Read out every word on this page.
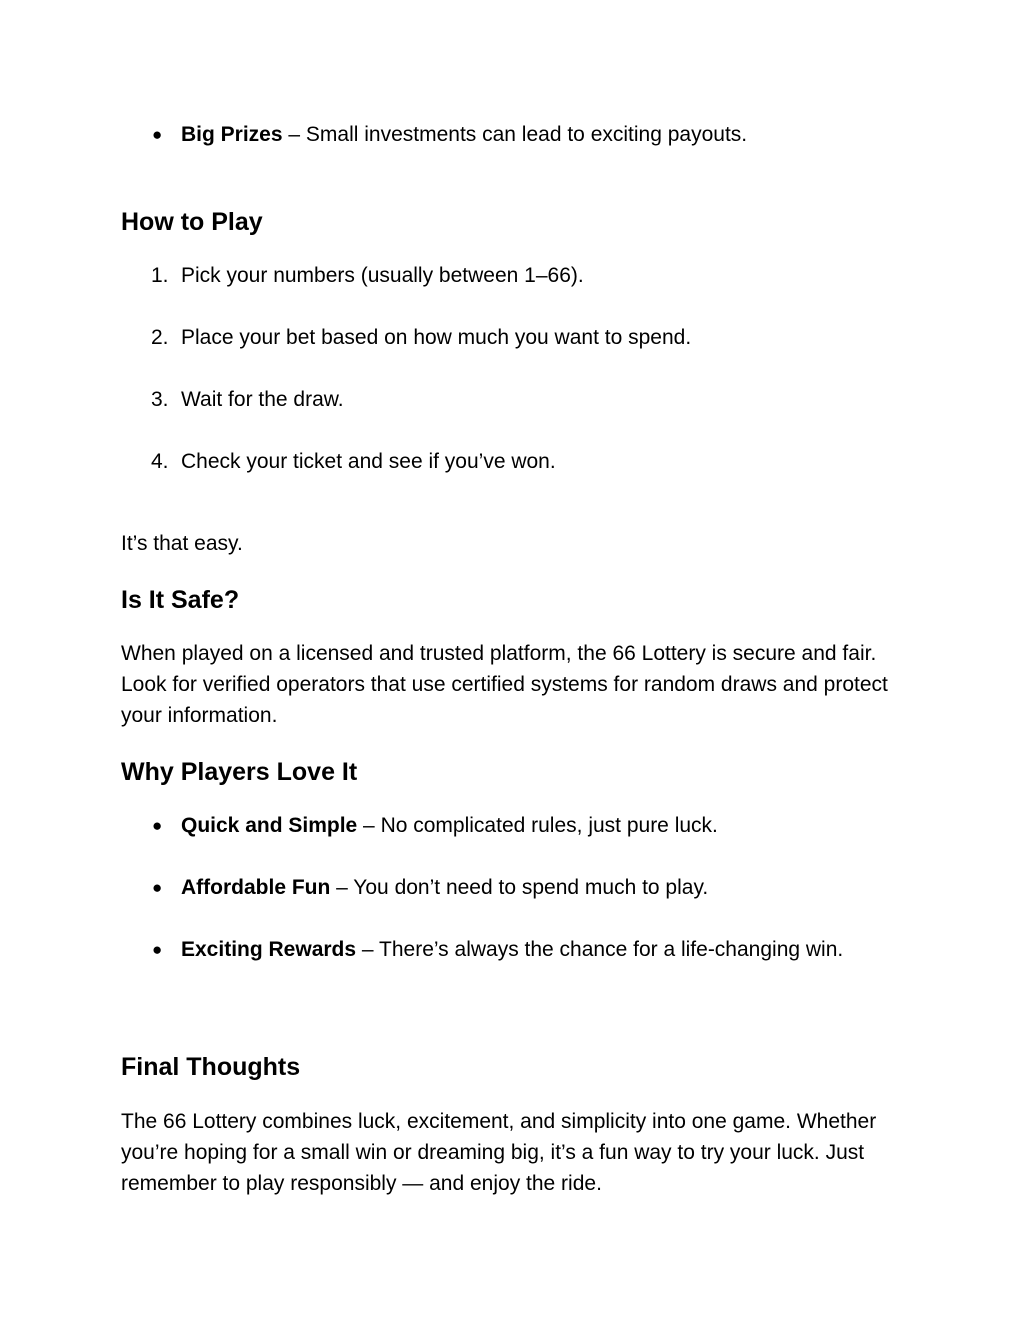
● Big Prizes – Small investments can lead to exciting payouts.
How to Play
1. Pick your numbers (usually between 1–66).
2. Place your bet based on how much you want to spend.
3. Wait for the draw.
4. Check your ticket and see if you’ve won.
It’s that easy.
Is It Safe?
When played on a licensed and trusted platform, the 66 Lottery is secure and fair. Look for verified operators that use certified systems for random draws and protect your information.
Why Players Love It
● Quick and Simple – No complicated rules, just pure luck.
● Affordable Fun – You don’t need to spend much to play.
● Exciting Rewards – There’s always the chance for a life-changing win.
Final Thoughts
The 66 Lottery combines luck, excitement, and simplicity into one game. Whether you’re hoping for a small win or dreaming big, it’s a fun way to try your luck. Just remember to play responsibly — and enjoy the ride.
